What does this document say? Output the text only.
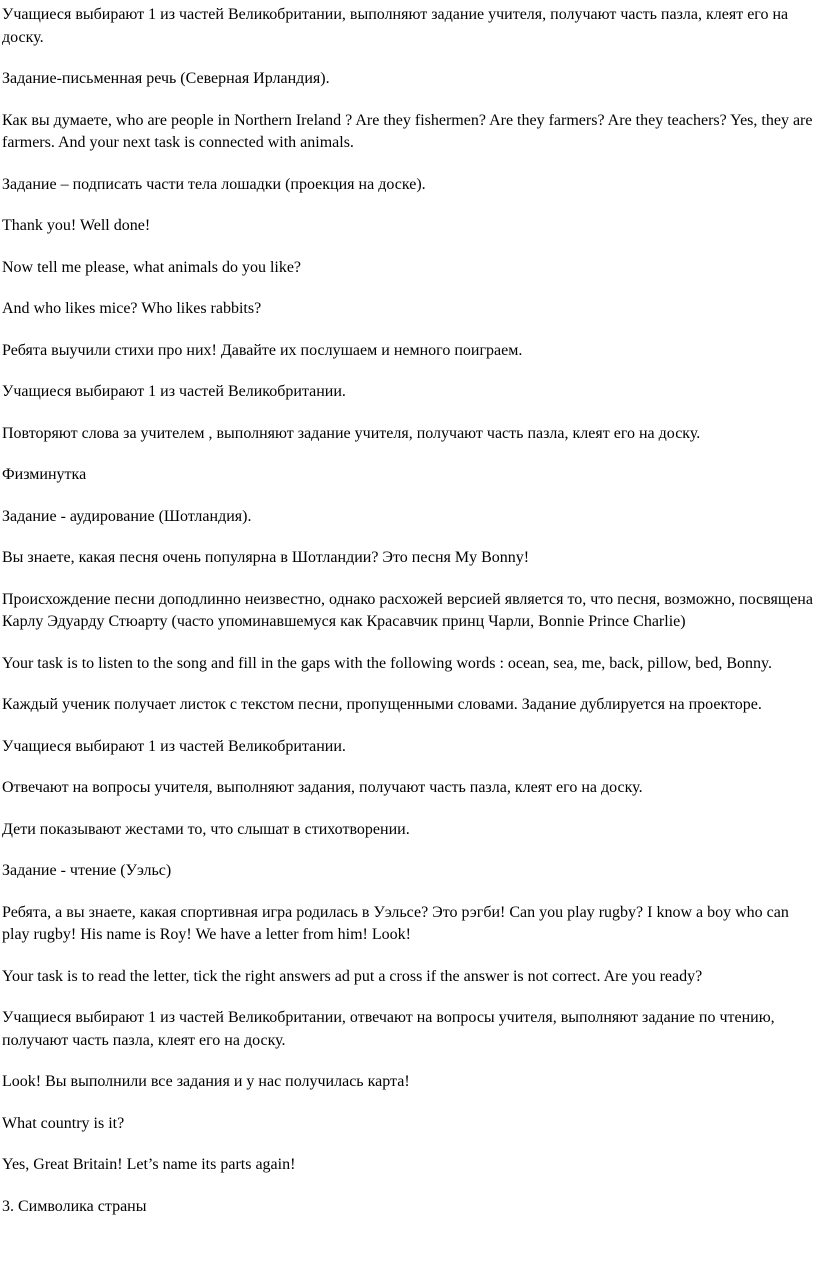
Учащиеся выбирают 1 из частей Великобритании, выполняют задание учителя, получают часть пазла, клеят его на доску.

Задание-письменная речь (Северная Ирландия).

Как вы думаете, who are people in Northern Ireland ? Are they fishermen? Are they farmers? Are they teachers? Yes, they are farmers. And your next task is connected with animals.

Задание – подписать части тела лошадки (проекция на доске).

Thank you! Well done!

Now tell me please, what animals do you like?

And who likes mice? Who likes rabbits?

Ребята выучили стихи про них! Давайте их послушаем и немного поиграем.

Учащиеся выбирают 1 из частей Великобритании.

Повторяют слова за учителем , выполняют задание учителя, получают часть пазла, клеят его на доску.

Физминутка

Задание - аудирование (Шотландия).

Вы знаете, какая песня очень популярна в Шотландии? Это песня My Bonny!

Происхождение песни доподлинно неизвестно, однако расхожей версией является то, что песня, возможно, посвящена Карлу Эдуарду Стюарту (часто упоминавшемуся как Красавчик принц Чарли, Bonnie Prince Charlie)

Your task is to listen to the song and fill in the gaps with the following words : ocean, sea, me, back, pillow, bed, Bonny.

Каждый ученик получает листок с текстом песни, пропущенными словами. Задание дублируется на проекторе.

Учащиеся выбирают 1 из частей Великобритании.

Отвечают на вопросы учителя, выполняют задания, получают часть пазла, клеят его на доску.

Дети показывают жестами то, что слышат в стихотворении.

Задание - чтение (Уэльс)

Ребята, а вы знаете, какая спортивная игра родилась в Уэльсе? Это рэгби! Can you play rugby? I know a boy who can play rugby! His name is Roy! We have a letter from him! Look!

Your task is to read the letter, tick the right answers ad put a cross if the answer is not correct. Are you ready?

Учащиеся выбирают 1 из частей Великобритании, отвечают на вопросы учителя, выполняют задание по чтению, получают часть пазла, клеят его на доску.

Look! Вы выполнили все задания и у нас получилась карта!

What country is it?

Yes, Great Britain! Let’s name its parts again!

3. Символика страны
